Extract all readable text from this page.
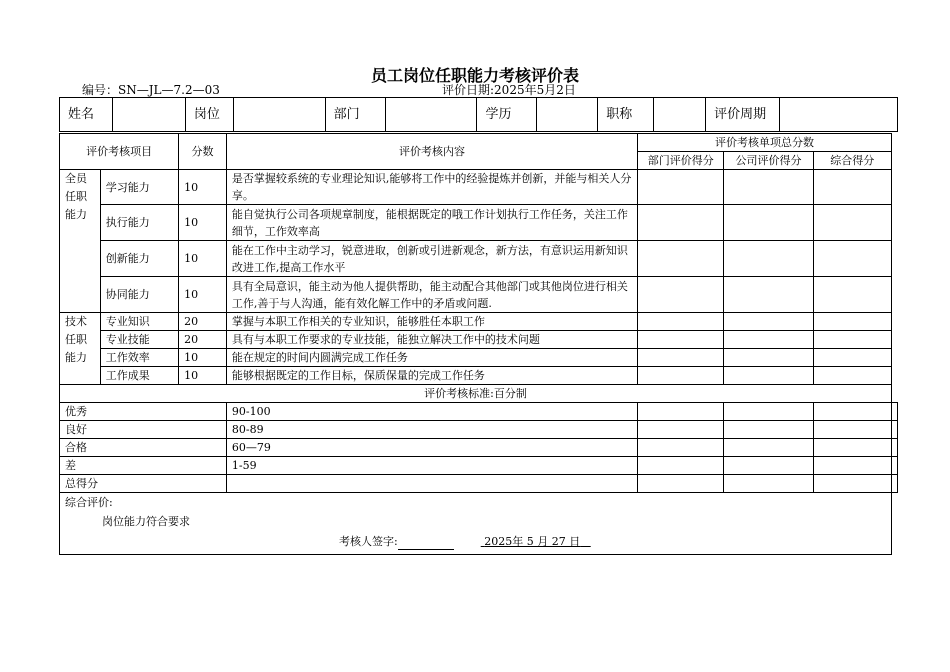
员工岗位任职能力考核评价表
编号：SN—JL—7.2—03	评价日期:2025年5月2日
姓名		岗位		部门		学历		职称		评价周期	
评价考核项目		分数	评价考核内容	评价考核单项总分数			
				部门评价得分	公司评价得分	综合得分	

全员
任职
能力	学习能力	10	是否掌握较系统的专业理论知识,能够将工作中的经验提炼并创新，并能与相关人分享。				
	执行能力	10	能自觉执行公司各项规章制度，能根据既定的哦工作计划执行工作任务，关注工作细节，工作效率高				
	创新能力	10	能在工作中主动学习，锐意进取，创新或引进新观念，新方法，有意识运用新知识改进工作,提高工作水平				
	协同能力	10	具有全局意识，能主动为他人提供帮助，能主动配合其他部门或其他岗位进行相关工作,善于与人沟通，能有效化解工作中的矛盾或问题.				

技术
任职
能力	专业知识	20	掌握与本职工作相关的专业知识，能够胜任本职工作				
	专业技能	20	具有与本职工作要求的专业技能，能独立解决工作中的技术问题				
	工作效率	10	能在规定的时间内圆满完成工作任务				
	工作成果	10	能够根据既定的工作目标，保质保量的完成工作任务				
评价考核标准:百分制							
优秀			90-100				
良好			80-89				
合格			60—79				
差			1-59				
总得分							

综合评价:
岗位能力符合要求
考核人签字: 2025年 5 月 27 日							
